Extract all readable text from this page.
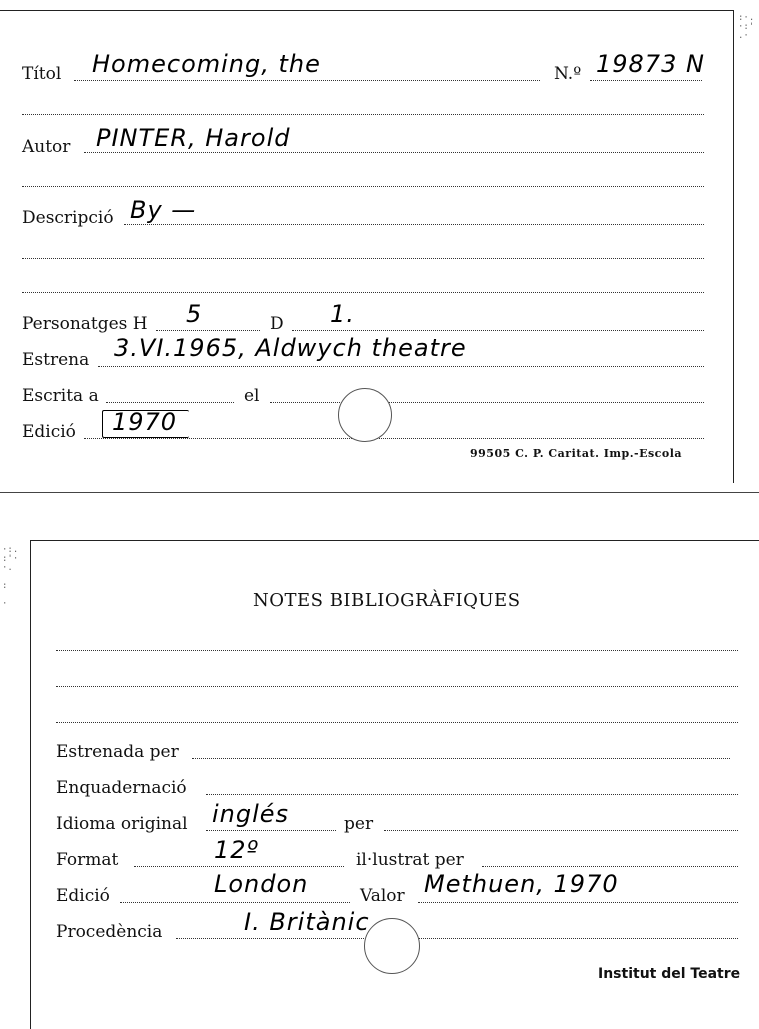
Títol Homecoming, the	N.º 19873 N
Autor PINTER, Harold
Descripció By —
Personatges H 5	D 1.
Estrena 3.VI.1965, Aldwych theatre
Escrita a	el
Edició 1970
99505 C. P. Caritat. Imp.-Escola
:·.
·:'
.·
·:.
:'·
·.

:

·	NOTES BIBLIOGRÀFIQUES
Estrenada per
Enquadernació
Idioma original inglés	per
Format	12º	il·lustrat per
Edició	London	Valor Methuen, 1970
Procedència	I. Britànic
Institut del Teatre
